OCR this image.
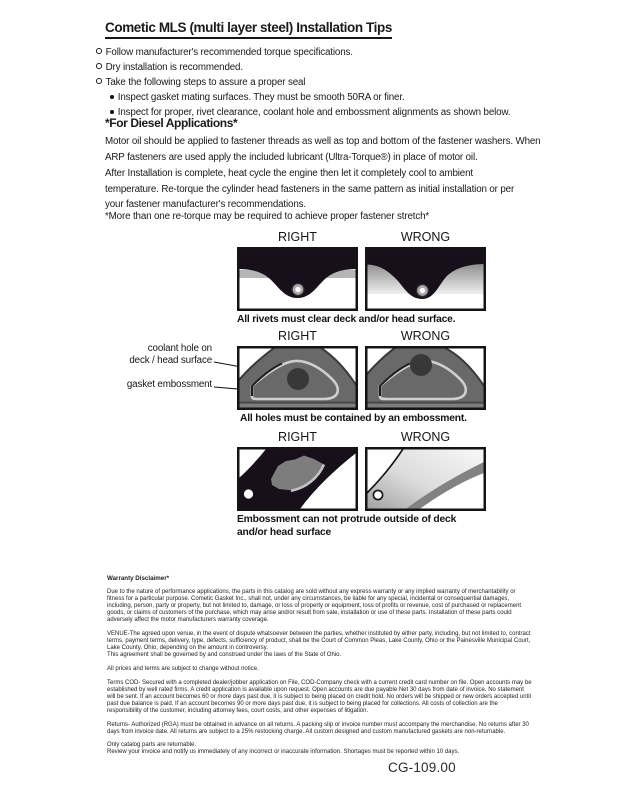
Cometic MLS (multi layer steel) Installation Tips
Follow manufacturer's recommended torque specifications.
Dry installation is recommended.
Take the following steps to assure a proper seal
Inspect gasket mating surfaces. They must be smooth 50RA or finer.
Inspect for proper, rivet clearance, coolant hole and embossment alignments as shown below.
*For Diesel Applications*
Motor oil should be applied to fastener threads as well as top and bottom of the fastener washers. When ARP fasteners are used apply the included lubricant (Ultra-Torque®) in place of motor oil.
After Installation is complete, heat cycle the engine then let it completely cool to ambient temperature. Re-torque the cylinder head fasteners in the same pattern as initial installation or per your fastener manufacturer's recommendations.
*More than one re-torque may be required to achieve proper fastener stretch*
RIGHT	WRONG
All rivets must clear deck and/or head surface.
RIGHT	WRONG
coolant hole on
deck / head surface
gasket embossment
All holes must be contained by an embossment.
RIGHT	WRONG
Embossment can not protrude outside of deck and/or head surface

Warranty Disclaimer*

Due to the nature of performance applications, the parts in this catalog are sold without any express warranty or any implied warranty of merchantability or fitness for a particular purpose. Cometic Gasket Inc., shall not, under any circumstances, be liable for any special, incidental or consequential damages, including, person, party or property, but not limited to, damage, or loss of property or equipment, loss of profits or revenue, cost of purchased or replacement goods, or claims of customers of the purchase, which may arise and/or result from sale, installation or use of these parts. Installation of these parts could adversely affect the motor manufacturers warranty coverage.

VENUE-The agreed upon venue, in the event of dispute whatsoever between the parties, whether instituted by either party, including, but not limited to, contract terms, payment terms, delivery, type, defects, sufficiency of product, shall be the Court of Common Pleas, Lake County, Ohio or the Painesville Municipal Court, Lake County, Ohio, depending on the amount in controversy.

This agreement shall be governed by and construed under the laws of the State of Ohio.

All prices and terms are subject to change without notice.

Terms COD- Secured with a completed dealer/jobber application on File, COD-Company check with a current credit card number on file. Open accounts may be established by well rated firms. A credit application is available upon request. Open accounts are due payable Net 30 days from date of invoice. No statement will be sent. If an account becomes 60 or more days past due, it is subject to being placed on credit hold. No orders will be shipped or new orders accepted until past due balance is paid. If an account becomes 90 or more days past due, it is subject to being placed for collections. All costs of collection are the responsibility of the customer, including attorney fees, court costs, and other expenses of litigation.

Returns- Authorized (RGA) must be obtained in advance on all returns. A packing slip or invoice number must accompany the merchandise. No returns after 30 days from invoice date. All returns are subject to a 25% restocking charge. All custom designed and custom manufactured gaskets are non-returnable.

Only catalog parts are returnable.

Review your invoice and notify us immediately of any incorrect or inaccurate information. Shortages must be reported within 10 days.

CG-109.00
